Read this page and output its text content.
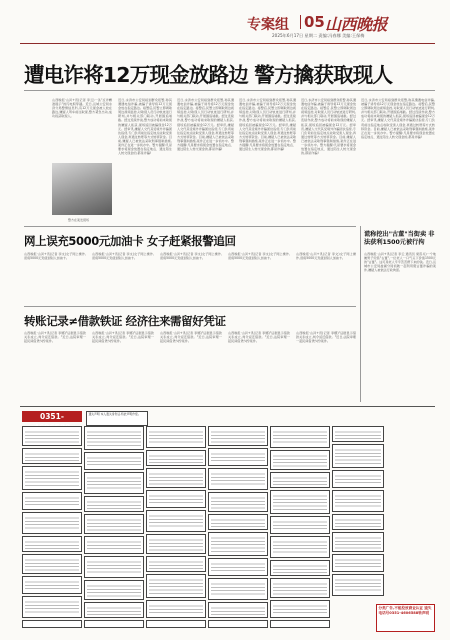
专案组 05 山西晚报
2025年6月17日 星期二 责编:冯春娜 美编:王保梅
遭电诈将12万现金放路边 警方擒获取现人
山西晚报·山河+讯(记者 李云)一条"反诈精准提示"的闪电般穿越。近日,运城公安局永济分局警情信息科,有12万元现金被人放在路边,嫌疑人驾车前往取现,警方紧急出动,成功抓获取现人。
警方在案发现场
近日,永济市公安局接到群众报警,称其遭遇电信诈骗,被骗子诱导将12万元现金放在指定路边。接警后,民警立即调取周边视频监控,对取现人员行动轨迹进行研判,并与相关部门联动,开展围追堵截。经过连续作战,警方成功将前来取现的嫌疑人抓获,现场追回被骗现金12万元。经审讯,嫌疑人交代其受境外诈骗团伙指使,专门负责前往指定地点收取受害人现金,再通过转账等方式转移资金。目前,嫌疑人已被依法采取刑事强制措施,案件正在进一步侦办中。警方提醒:凡是要求将现金放置在指定地点、通过陌生人转交现金的,都是诈骗!
近日,永济市公安局接到群众报警,称其遭遇电信诈骗,被骗子诱导将12万元现金放在指定路边。接警后,民警立即调取周边视频监控,对取现人员行动轨迹进行研判,并与相关部门联动,开展围追堵截。经过连续作战,警方成功将前来取现的嫌疑人抓获,现场追回被骗现金12万元。经审讯,嫌疑人交代其受境外诈骗团伙指使,专门负责前往指定地点收取受害人现金,再通过转账等方式转移资金。目前,嫌疑人已被依法采取刑事强制措施,案件正在进一步侦办中。警方提醒:凡是要求将现金放置在指定地点、通过陌生人转交现金的,都是诈骗!
近日,永济市公安局接到群众报警,称其遭遇电信诈骗,被骗子诱导将12万元现金放在指定路边。接警后,民警立即调取周边视频监控,对取现人员行动轨迹进行研判,并与相关部门联动,开展围追堵截。经过连续作战,警方成功将前来取现的嫌疑人抓获,现场追回被骗现金12万元。经审讯,嫌疑人交代其受境外诈骗团伙指使,专门负责前往指定地点收取受害人现金,再通过转账等方式转移资金。目前,嫌疑人已被依法采取刑事强制措施,案件正在进一步侦办中。警方提醒:凡是要求将现金放置在指定地点、通过陌生人转交现金的,都是诈骗!
近日,永济市公安局接到群众报警,称其遭遇电信诈骗,被骗子诱导将12万元现金放在指定路边。接警后,民警立即调取周边视频监控,对取现人员行动轨迹进行研判,并与相关部门联动,开展围追堵截。经过连续作战,警方成功将前来取现的嫌疑人抓获,现场追回被骗现金12万元。经审讯,嫌疑人交代其受境外诈骗团伙指使,专门负责前往指定地点收取受害人现金,再通过转账等方式转移资金。目前,嫌疑人已被依法采取刑事强制措施,案件正在进一步侦办中。警方提醒:凡是要求将现金放置在指定地点、通过陌生人转交现金的,都是诈骗!
近日,永济市公安局接到群众报警,称其遭遇电信诈骗,被骗子诱导将12万元现金放在指定路边。接警后,民警立即调取周边视频监控,对取现人员行动轨迹进行研判,并与相关部门联动,开展围追堵截。经过连续作战,警方成功将前来取现的嫌疑人抓获,现场追回被骗现金12万元。经审讯,嫌疑人交代其受境外诈骗团伙指使,专门负责前往指定地点收取受害人现金,再通过转账等方式转移资金。目前,嫌疑人已被依法采取刑事强制措施,案件正在进一步侦办中。警方提醒:凡是要求将现金放置在指定地点、通过陌生人转交现金的,都是诈骗!
网上误充5000元加油卡 女子赶紧报警追回
山西晚报·山河+讯(记者 李文)女子网上操作,误将5000元充值到别人加油卡。
山西晚报·山河+讯(记者 李文)女子网上操作,误将5000元充值到别人加油卡。
山西晚报·山河+讯(记者 李文)女子网上操作,误将5000元充值到别人加油卡。
山西晚报·山河+讯(记者 李文)女子网上操作,误将5000元充值到别人加油卡。
山西晚报·山河+讯(记者 李文)女子网上操作,误将5000元充值到别人加油卡。
转账记录≠借款铁证 经济往来需留好凭证
山西晚报·山河+讯(记者 李娜)"证据显示借款关系成立,判令返还借款。"近日,法院审理一起民间借贷纠纷案件。
山西晚报·山河+讯(记者 李娜)"证据显示借款关系成立,判令返还借款。"近日,法院审理一起民间借贷纠纷案件。
山西晚报·山河+讯(记者 李娜)"证据显示借款关系成立,判令返还借款。"近日,法院审理一起民间借贷纠纷案件。
山西晚报·山河+讯(记者 李娜)"证据显示借款关系成立,判令返还借款。"近日,法院审理一起民间借贷纠纷案件。
山西晚报·山河+讯(记者 李娜)"证据显示借款关系成立,判令返还借款。"近日,法院审理一起民间借贷纠纷案件。
谎称挖出"古董"当街卖 非法获利1500元被行拘
山西晚报·山河+讯(记者 李云 通讯员 梁晋兵)一个地摊男子兜售"古董",一位老人一口气买下价值1500元的"古董"。这可是老人辛辛苦苦攒下来的钱。近日,运城市公安局盐湖分局侦破一起利用假古董诈骗的案件,嫌疑人被依法行政拘留。
0351-	遗失声明 本人遗失身份证,特此声明作废。
分类广告,不能投放商业认证 遗失 电话号0351-4606588转声明
